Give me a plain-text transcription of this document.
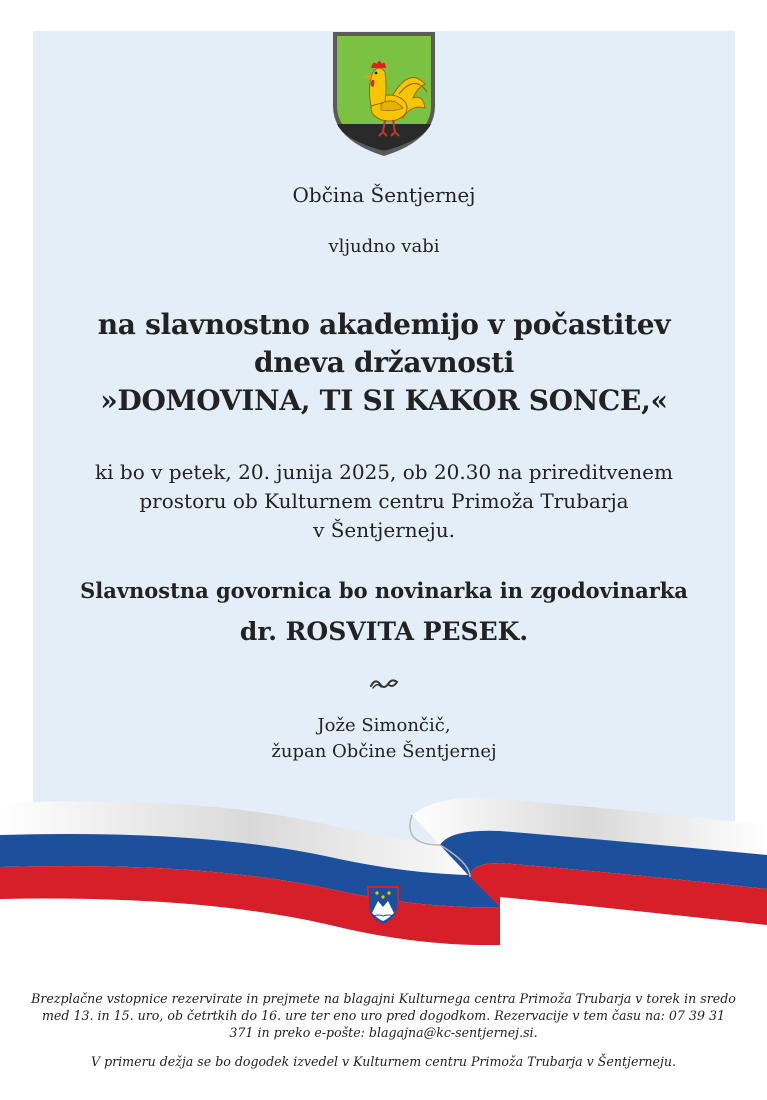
Občina Šentjernej
vljudno vabi
na slavnostno akademijo v počastitev
dneva državnosti
»DOMOVINA, TI SI KAKOR SONCE,«
ki bo v petek, 20. junija 2025, ob 20.30 na prireditvenem
prostoru ob Kulturnem centru Primoža Trubarja
v Šentjerneju.
Slavnostna govornica bo novinarka in zgodovinarka
dr. ROSVITA PESEK.
Jože Simončič,
župan Občine Šentjernej
Brezplačne vstopnice rezervirate in prejmete na blagajni Kulturnega centra Primoža Trubarja v torek in sredo med 13. in 15. uro, ob četrtkih do 16. ure ter eno uro pred dogodkom. Rezervacije v tem času na: 07 39 31 371 in preko e-pošte: blagajna@kc-sentjernej.si.
V primeru dežja se bo dogodek izvedel v Kulturnem centru Primoža Trubarja v Šentjerneju.
